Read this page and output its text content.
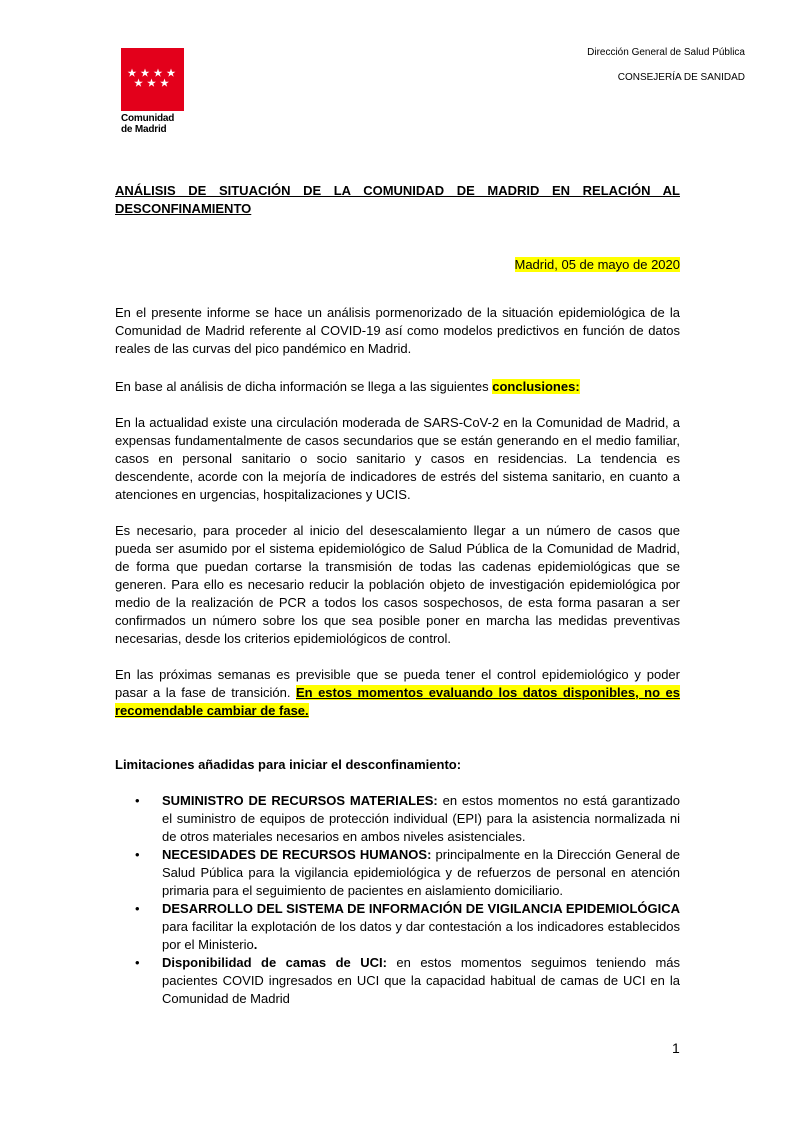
Comunidad
de Madrid
Dirección General de Salud Pública
CONSEJERÍA DE SANIDAD
ANÁLISIS DE SITUACIÓN DE LA COMUNIDAD DE MADRID EN RELACIÓN AL DESCONFINAMIENTO
Madrid, 05 de mayo de 2020

En el presente informe se hace un análisis pormenorizado de la situación epidemiológica de la Comunidad de Madrid referente al COVID-19 así como modelos predictivos en función de datos reales de las curvas del pico pandémico en Madrid.

En base al análisis de dicha información se llega a las siguientes conclusiones:

En la actualidad existe una circulación moderada de SARS-CoV-2 en la Comunidad de Madrid, a expensas fundamentalmente de casos secundarios que se están generando en el medio familiar, casos en personal sanitario o socio sanitario y casos en residencias. La tendencia es descendente, acorde con la mejoría de indicadores de estrés del sistema sanitario, en cuanto a atenciones en urgencias, hospitalizaciones y UCIS.

Es necesario, para proceder al inicio del desescalamiento llegar a un número de casos que pueda ser asumido por el sistema epidemiológico de Salud Pública de la Comunidad de Madrid, de forma que puedan cortarse la transmisión de todas las cadenas epidemiológicas que se generen. Para ello es necesario reducir la población objeto de investigación epidemiológica por medio de la realización de PCR a todos los casos sospechosos, de esta forma pasaran a ser confirmados un número sobre los que sea posible poner en marcha las medidas preventivas necesarias, desde los criterios epidemiológicos de control.

En las próximas semanas es previsible que se pueda tener el control epidemiológico y poder pasar a la fase de transición. En estos momentos evaluando los datos disponibles, no es recomendable cambiar de fase.

Limitaciones añadidas para iniciar el desconfinamiento:
• SUMINISTRO DE RECURSOS MATERIALES: en estos momentos no está garantizado el suministro de equipos de protección individual (EPI) para la asistencia normalizada ni de otros materiales necesarios en ambos niveles asistenciales.
• NECESIDADES DE RECURSOS HUMANOS: principalmente en la Dirección General de Salud Pública para la vigilancia epidemiológica y de refuerzos de personal en atención primaria para el seguimiento de pacientes en aislamiento domiciliario.
• DESARROLLO DEL SISTEMA DE INFORMACIÓN DE VIGILANCIA EPIDEMIOLÓGICA para facilitar la explotación de los datos y dar contestación a los indicadores establecidos por el Ministerio.
• Disponibilidad de camas de UCI: en estos momentos seguimos teniendo más pacientes COVID ingresados en UCI que la capacidad habitual de camas de UCI en la Comunidad de Madrid
1
